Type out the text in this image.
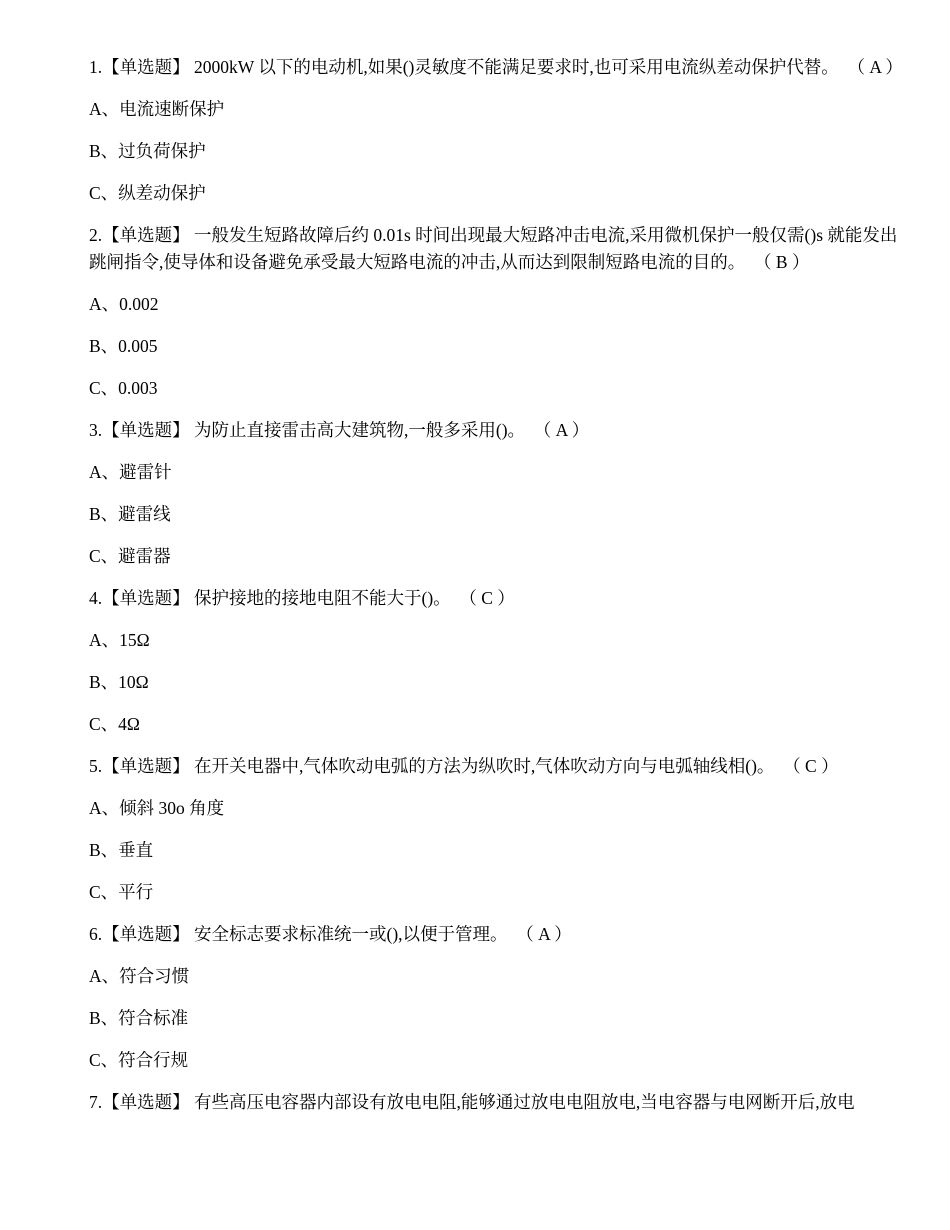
1.【单选题】 2000kW 以下的电动机,如果()灵敏度不能满足要求时,也可采用电流纵差动保护代替。 （ A ）
A、电流速断保护
B、过负荷保护
C、纵差动保护
2.【单选题】 一般发生短路故障后约 0.01s 时间出现最大短路冲击电流,采用微机保护一般仅需()s 就能发出跳闸指令,使导体和设备避免承受最大短路电流的冲击,从而达到限制短路电流的目的。 （ B ）
A、0.002
B、0.005
C、0.003
3.【单选题】 为防止直接雷击高大建筑物,一般多采用()。 （ A ）
A、避雷针
B、避雷线
C、避雷器
4.【单选题】 保护接地的接地电阻不能大于()。 （ C ）
A、15Ω
B、10Ω
C、4Ω
5.【单选题】 在开关电器中,气体吹动电弧的方法为纵吹时,气体吹动方向与电弧轴线相()。 （ C ）
A、倾斜 30o 角度
B、垂直
C、平行
6.【单选题】 安全标志要求标准统一或(),以便于管理。 （ A ）
A、符合习惯
B、符合标准
C、符合行规
7.【单选题】 有些高压电容器内部设有放电电阻,能够通过放电电阻放电,当电容器与电网断开后,放电
